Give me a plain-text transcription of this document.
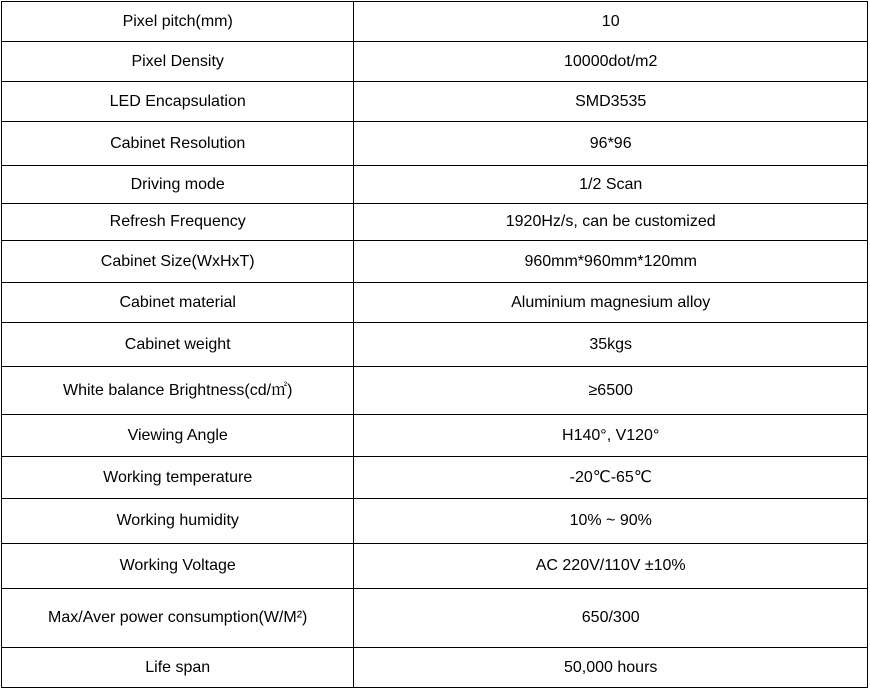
Pixel pitch(mm)	10
Pixel Density	10000dot/m2
LED Encapsulation	SMD3535
Cabinet Resolution	96*96
Driving mode	1/2 Scan
Refresh Frequency	1920Hz/s, can be customized
Cabinet Size(WxHxT)	960mm*960mm*120mm
Cabinet material	Aluminium magnesium alloy
Cabinet weight	35kgs
White balance Brightness(cd/㎡)	≥6500
Viewing Angle	H140°, V120°
Working temperature	-20℃-65℃
Working humidity	10% ~ 90%
Working Voltage	AC 220V/110V ±10%
Max/Aver power consumption(W/M²)	650/300
Life span	50,000 hours
